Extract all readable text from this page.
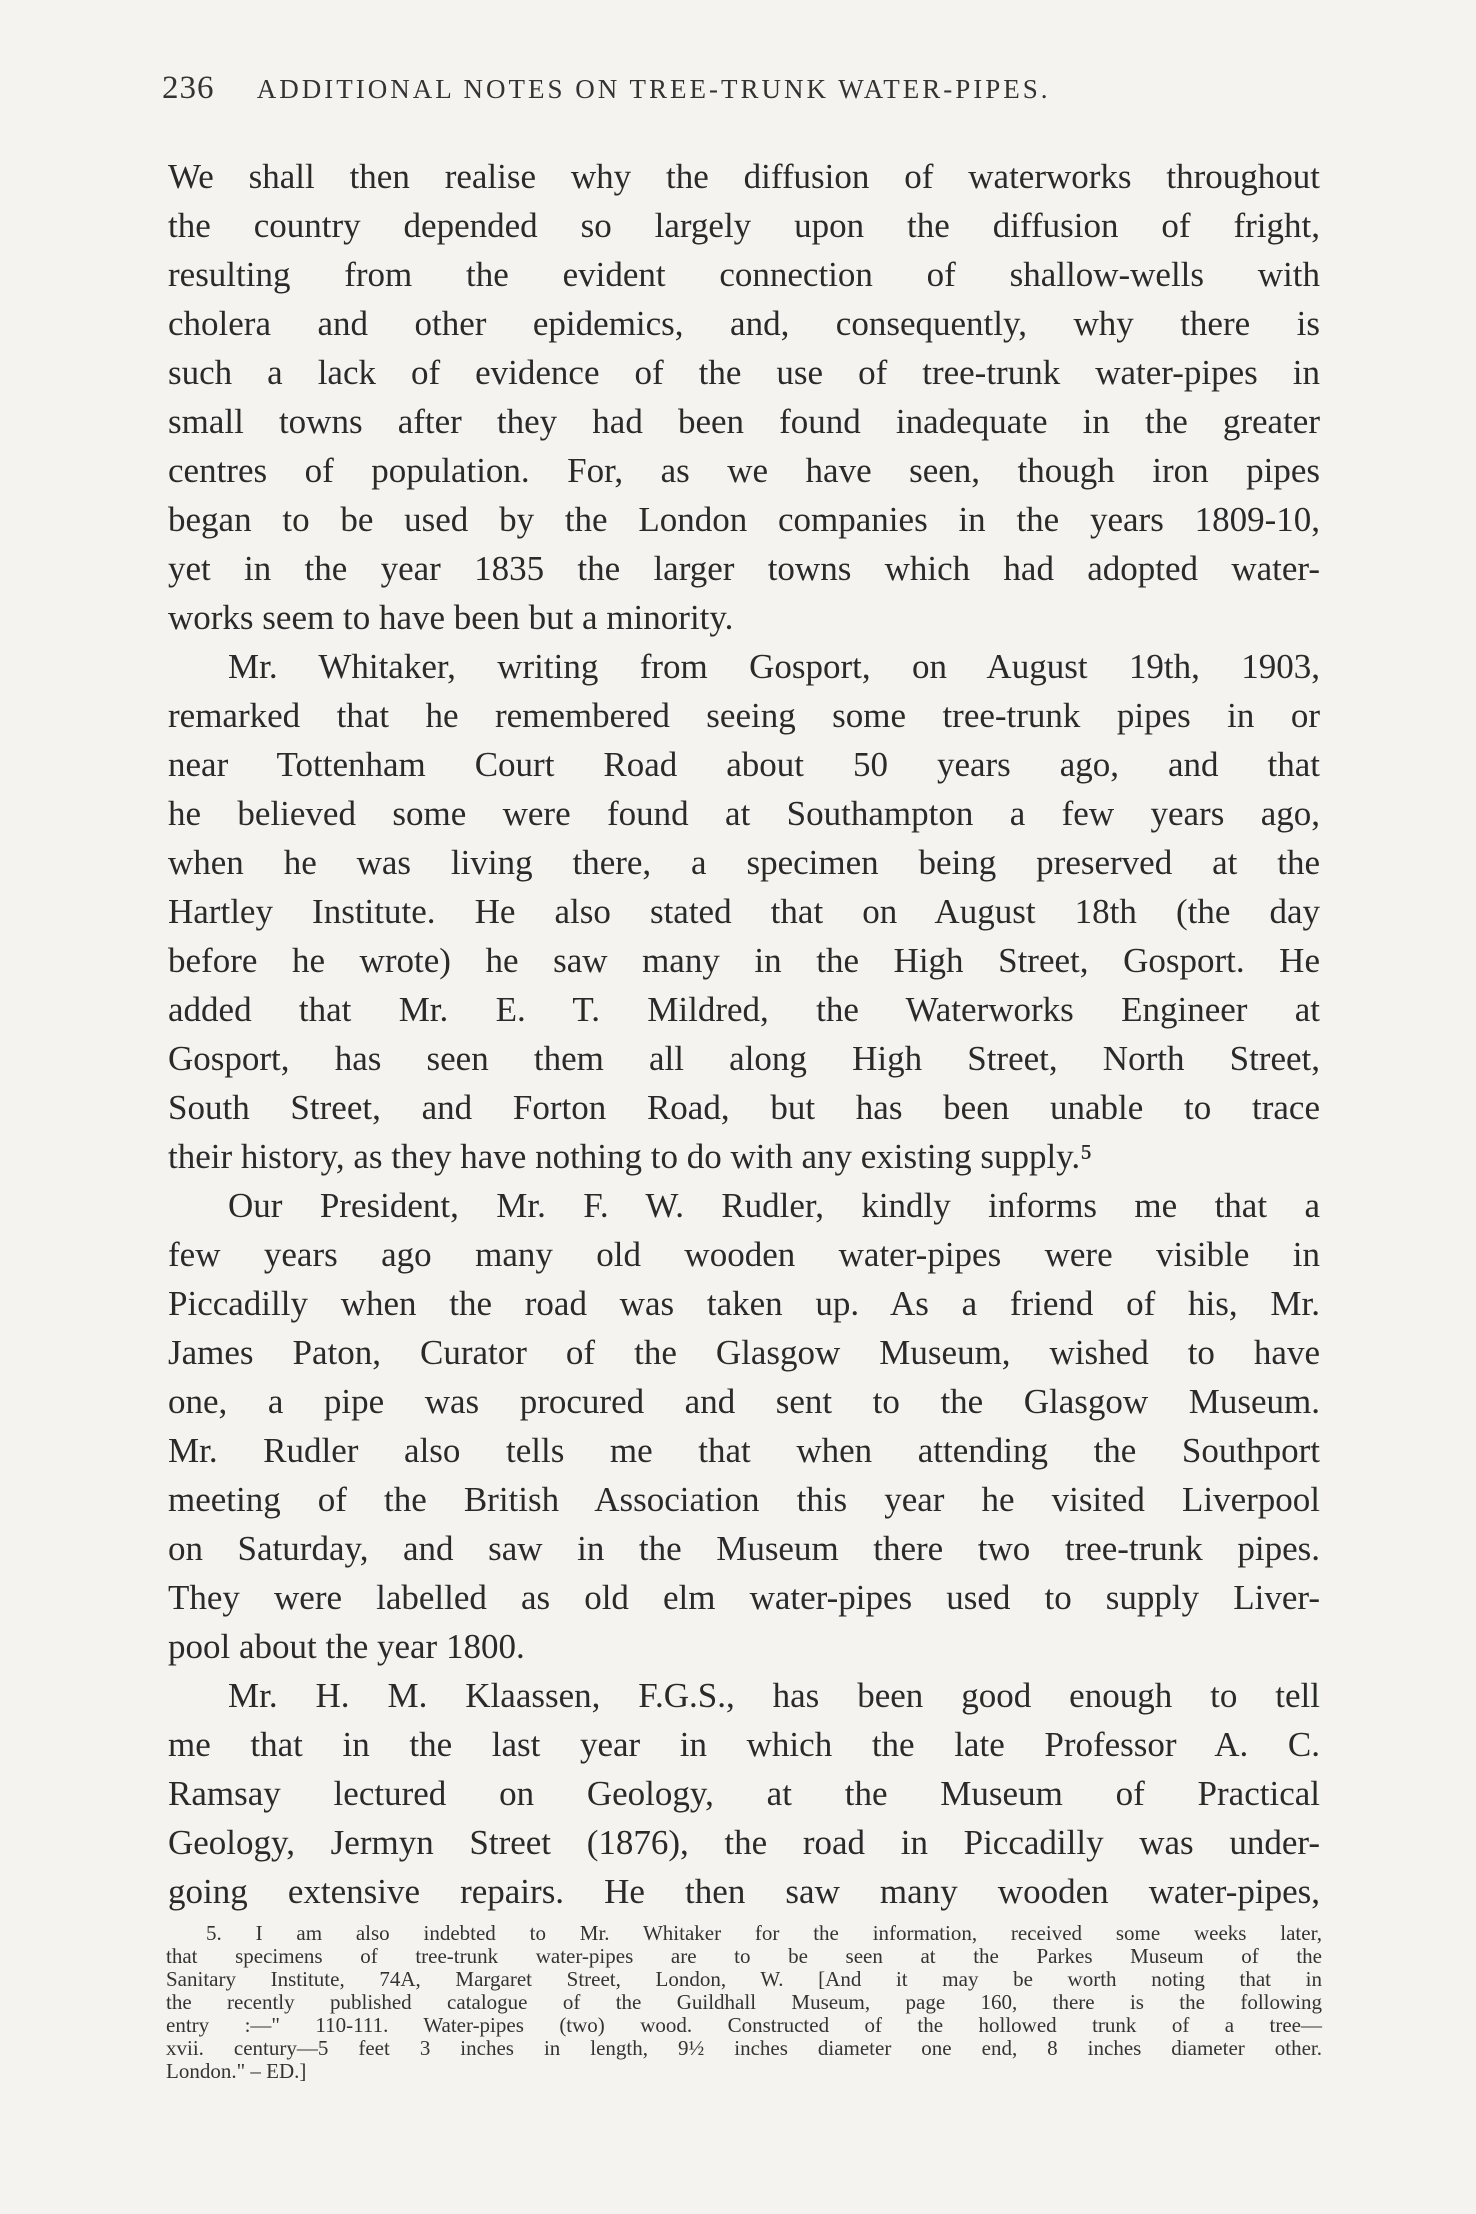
236 ADDITIONAL NOTES ON TREE-TRUNK WATER-PIPES.
We shall then realise why the diffusion of waterworks throughout
the country depended so largely upon the diffusion of fright,
resulting from the evident connection of shallow-wells with
cholera and other epidemics, and, consequently, why there is
such a lack of evidence of the use of tree-trunk water-pipes in
small towns after they had been found inadequate in the greater
centres of population. For, as we have seen, though iron pipes
began to be used by the London companies in the years 1809-10,
yet in the year 1835 the larger towns which had adopted water-
works seem to have been but a minority.
Mr. Whitaker, writing from Gosport, on August 19th, 1903,
remarked that he remembered seeing some tree-trunk pipes in or
near Tottenham Court Road about 50 years ago, and that
he believed some were found at Southampton a few years ago,
when he was living there, a specimen being preserved at the
Hartley Institute. He also stated that on August 18th (the day
before he wrote) he saw many in the High Street, Gosport. He
added that Mr. E. T. Mildred, the Waterworks Engineer at
Gosport, has seen them all along High Street, North Street,
South Street, and Forton Road, but has been unable to trace
their history, as they have nothing to do with any existing supply.⁵
Our President, Mr. F. W. Rudler, kindly informs me that a
few years ago many old wooden water-pipes were visible in
Piccadilly when the road was taken up. As a friend of his, Mr.
James Paton, Curator of the Glasgow Museum, wished to have
one, a pipe was procured and sent to the Glasgow Museum.
Mr. Rudler also tells me that when attending the Southport
meeting of the British Association this year he visited Liverpool
on Saturday, and saw in the Museum there two tree-trunk pipes.
They were labelled as old elm water-pipes used to supply Liver-
pool about the year 1800.
Mr. H. M. Klaassen, F.G.S., has been good enough to tell
me that in the last year in which the late Professor A. C.
Ramsay lectured on Geology, at the Museum of Practical
Geology, Jermyn Street (1876), the road in Piccadilly was under-
going extensive repairs. He then saw many wooden water-pipes,
5. I am also indebted to Mr. Whitaker for the information, received some weeks later,
that specimens of tree-trunk water-pipes are to be seen at the Parkes Museum of the
Sanitary Institute, 74A, Margaret Street, London, W. [And it may be worth noting that in
the recently published catalogue of the Guildhall Museum, page 160, there is the following
entry :—" 110-111. Water-pipes (two) wood. Constructed of the hollowed trunk of a tree—
xvii. century—5 feet 3 inches in length, 9½ inches diameter one end, 8 inches diameter other.
London." – ED.]
